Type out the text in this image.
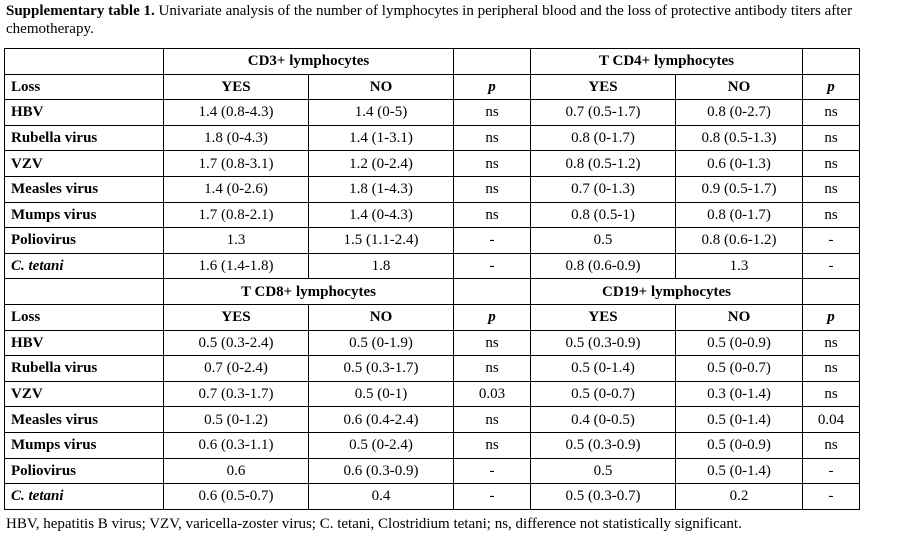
Supplementary table 1. Univariate analysis of the number of lymphocytes in peripheral blood and the loss of protective antibody titers after chemotherapy.
	CD3+ lymphocytes			T CD4+ lymphocytes		
Loss	YES	NO	p	YES	NO	p
HBV	1.4 (0.8-4.3)	1.4 (0-5)	ns	0.7 (0.5-1.7)	0.8 (0-2.7)	ns
Rubella virus	1.8 (0-4.3)	1.4 (1-3.1)	ns	0.8 (0-1.7)	0.8 (0.5-1.3)	ns
VZV	1.7 (0.8-3.1)	1.2 (0-2.4)	ns	0.8 (0.5-1.2)	0.6 (0-1.3)	ns
Measles virus	1.4 (0-2.6)	1.8 (1-4.3)	ns	0.7 (0-1.3)	0.9 (0.5-1.7)	ns
Mumps virus	1.7 (0.8-2.1)	1.4 (0-4.3)	ns	0.8 (0.5-1)	0.8 (0-1.7)	ns
Poliovirus	1.3	1.5 (1.1-2.4)	-	0.5	0.8 (0.6-1.2)	-
C. tetani	1.6 (1.4-1.8)	1.8	-	0.8 (0.6-0.9)	1.3	-
	T CD8+ lymphocytes			CD19+ lymphocytes		
Loss	YES	NO	p	YES	NO	p
HBV	0.5 (0.3-2.4)	0.5 (0-1.9)	ns	0.5 (0.3-0.9)	0.5 (0-0.9)	ns
Rubella virus	0.7 (0-2.4)	0.5 (0.3-1.7)	ns	0.5 (0-1.4)	0.5 (0-0.7)	ns
VZV	0.7 (0.3-1.7)	0.5 (0-1)	0.03	0.5 (0-0.7)	0.3 (0-1.4)	ns
Measles virus	0.5 (0-1.2)	0.6 (0.4-2.4)	ns	0.4 (0-0.5)	0.5 (0-1.4)	0.04
Mumps virus	0.6 (0.3-1.1)	0.5 (0-2.4)	ns	0.5 (0.3-0.9)	0.5 (0-0.9)	ns
Poliovirus	0.6	0.6 (0.3-0.9)	-	0.5	0.5 (0-1.4)	-
C. tetani	0.6 (0.5-0.7)	0.4	-	0.5 (0.3-0.7)	0.2	-
HBV, hepatitis B virus; VZV, varicella-zoster virus; C. tetani, Clostridium tetani; ns, difference not statistically significant.
